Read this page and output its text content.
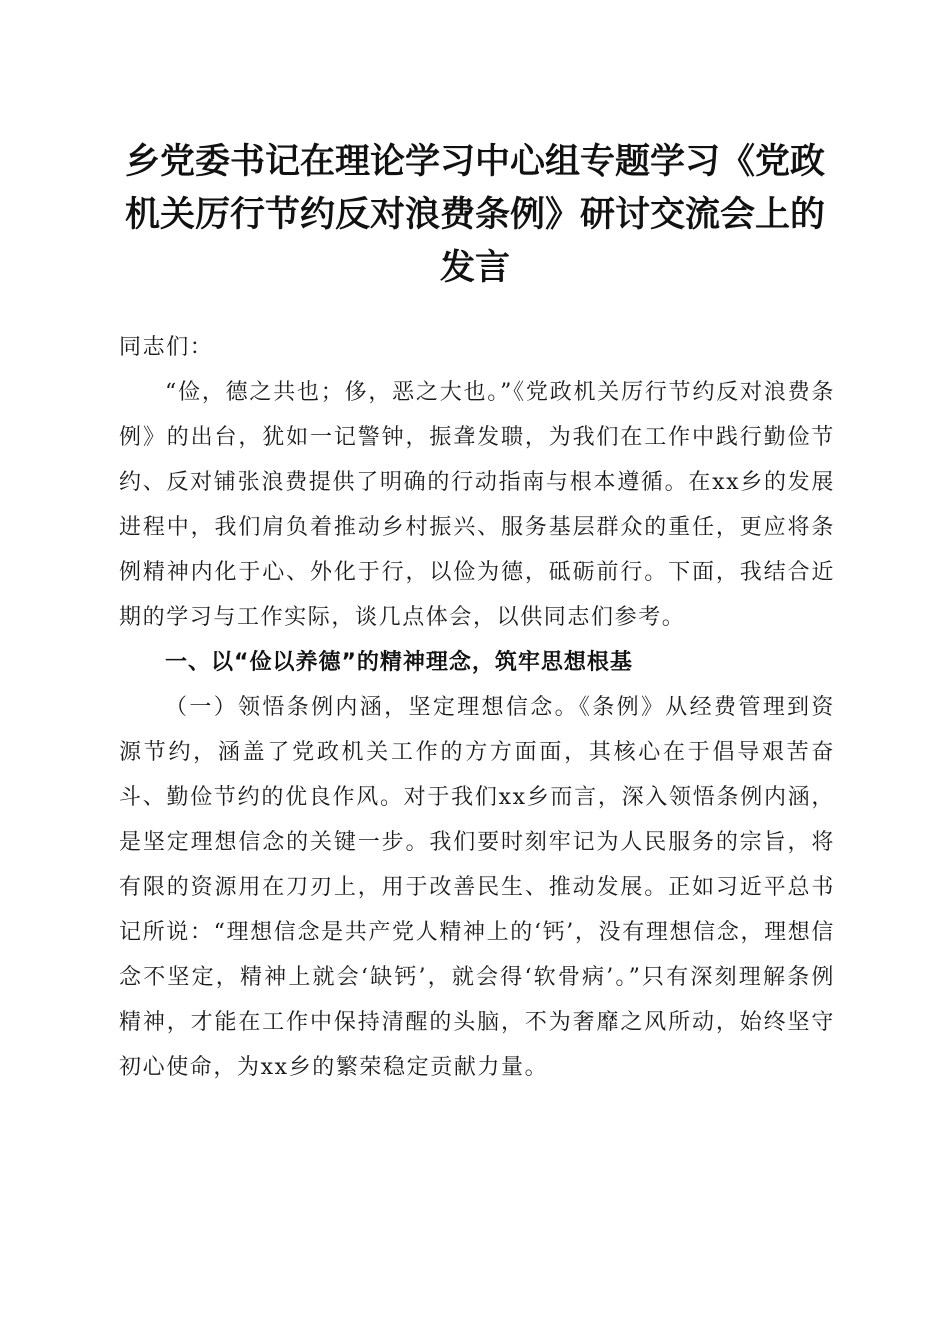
乡党委书记在理论学习中心组专题学习《党政机关厉行节约反对浪费条例》研讨交流会上的发言

同志们：

“俭，德之共也；侈，恶之大也。”《党政机关厉行节约反对浪费条例》的出台，犹如一记警钟，振聋发聩，为我们在工作中践行勤俭节约、反对铺张浪费提供了明确的行动指南与根本遵循。在xx乡的发展进程中，我们肩负着推动乡村振兴、服务基层群众的重任，更应将条例精神内化于心、外化于行，以俭为德，砥砺前行。下面，我结合近期的学习与工作实际，谈几点体会，以供同志们参考。

一、以“俭以养德”的精神理念，筑牢思想根基

（一）领悟条例内涵，坚定理想信念。《条例》从经费管理到资源节约，涵盖了党政机关工作的方方面面，其核心在于倡导艰苦奋斗、勤俭节约的优良作风。对于我们xx乡而言，深入领悟条例内涵，是坚定理想信念的关键一步。我们要时刻牢记为人民服务的宗旨，将有限的资源用在刀刃上，用于改善民生、推动发展。正如习近平总书记所说：“理想信念是共产党人精神上的‘钙’，没有理想信念，理想信念不坚定，精神上就会‘缺钙’，就会得‘软骨病’。”只有深刻理解条例精神，才能在工作中保持清醒的头脑，不为奢靡之风所动，始终坚守初心使命，为xx乡的繁荣稳定贡献力量。
